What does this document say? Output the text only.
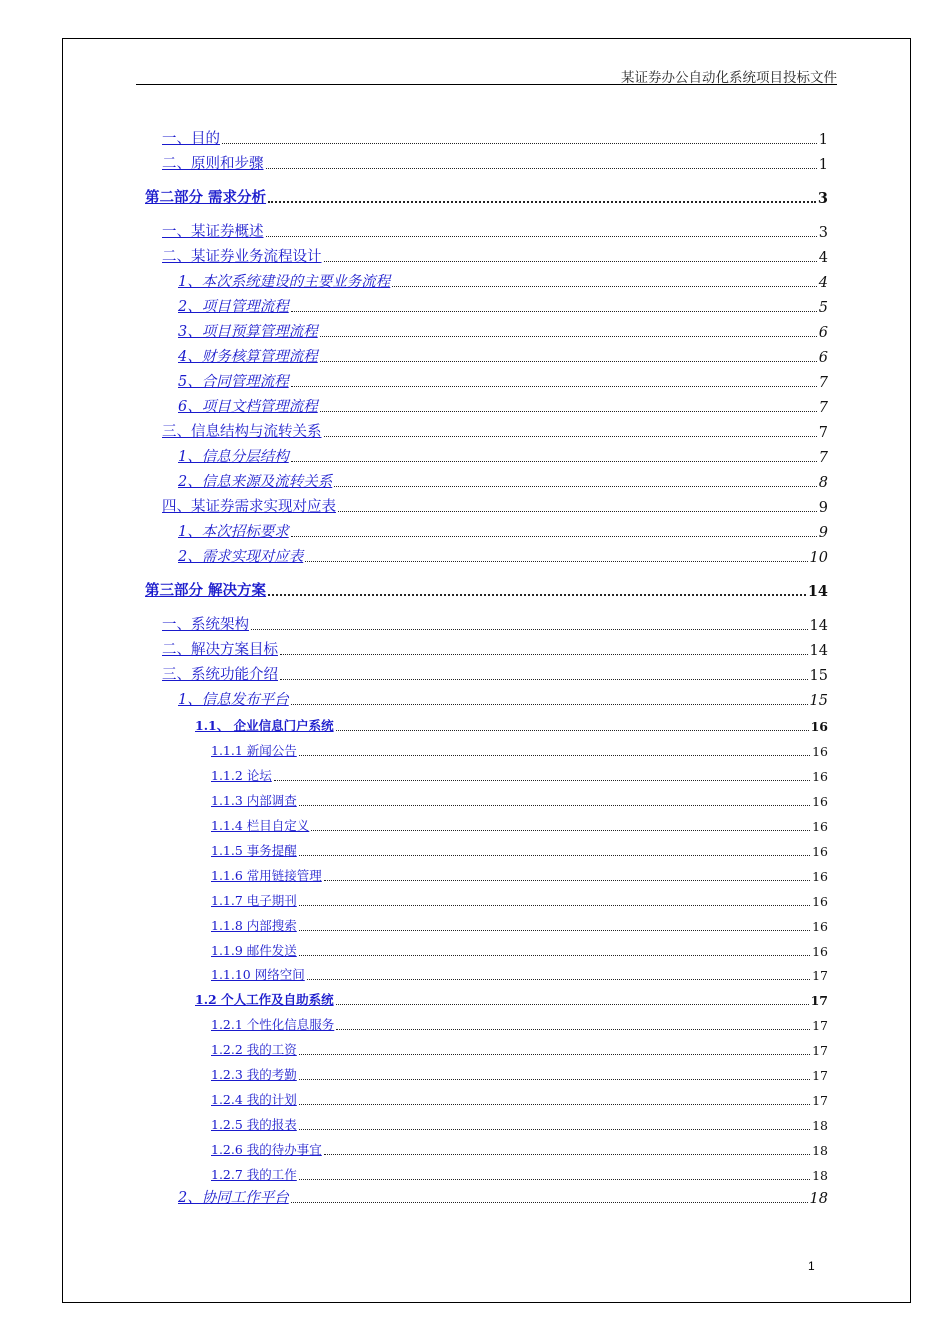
某证券办公自动化系统项目投标文件
一、目的	1
二、原则和步骤	1
第二部分 需求分析	3
一、某证券概述	3
二、某证券业务流程设计	4
1、本次系统建设的主要业务流程	4
2、项目管理流程	5
3、项目预算管理流程	6
4、财务核算管理流程	6
5、合同管理流程	7
6、项目文档管理流程	7
三、信息结构与流转关系	7
1、信息分层结构	7
2、信息来源及流转关系	8
四、某证券需求实现对应表	9
1、本次招标要求	9
2、需求实现对应表	10
第三部分 解决方案	14
一、系统架构	14
二、解决方案目标	14
三、系统功能介绍	15
1、信息发布平台	15
1.1、 企业信息门户系统	16
1.1.1 新闻公告	16
1.1.2 论坛	16
1.1.3 内部调查	16
1.1.4 栏目自定义	16
1.1.5 事务提醒	16
1.1.6 常用链接管理	16
1.1.7 电子期刊	16
1.1.8 内部搜索	16
1.1.9 邮件发送	16
1.1.10 网络空间	17
1.2 个人工作及自助系统	17
1.2.1 个性化信息服务	17
1.2.2 我的工资	17
1.2.3 我的考勤	17
1.2.4 我的计划	17
1.2.5 我的报表	18
1.2.6 我的待办事宜	18
1.2.7 我的工作	18
2、协同工作平台	18
1
